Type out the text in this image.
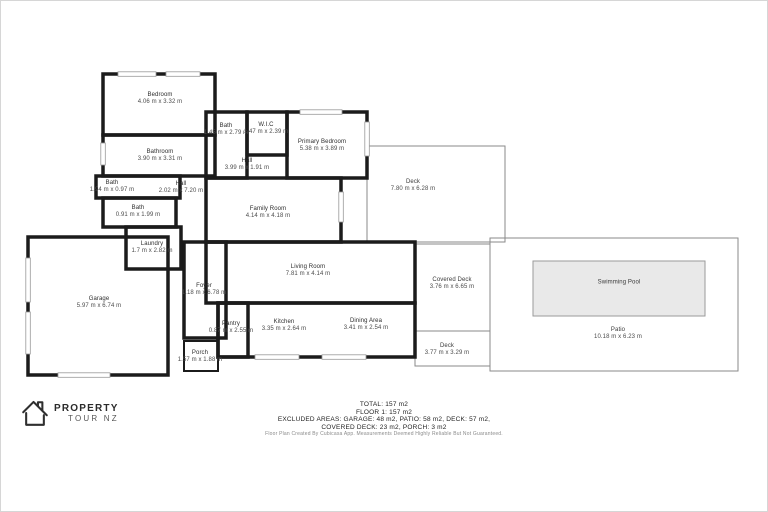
Bedroom
4.06 m x 3.32 m
Bathroom
3.90 m x 3.31 m
Bath
1.94 m x 0.97 m
Hall
2.02 m x 7.20 m
Bath
0.91 m x 1.99 m
Laundry
1.7 m x 2.82 m
Garage
5.97 m x 6.74 m
Bath
1.45 m x 2.79 m
W.I.C
1.47 m x 2.39 m
Hall
3.99 m x 1.91 m
Primary Bedroom
5.38 m x 3.89 m
Family Room
4.14 m x 4.18 m
Living Room
7.81 m x 4.14 m
Foyer
1.18 m x 6.78 m
Pantry
0.87 m x 2.55 m
Kitchen
3.35 m x 2.64 m
Dining Area
3.41 m x 2.54 m
Porch
1.57 m x 1.88 m
Deck
7.80 m x 6.28 m
Covered Deck
3.76 m x 6.65 m
Deck
3.77 m x 3.29 m
Patio
10.18 m x 6.23 m
Swimming Pool
TOTAL: 157 m2
FLOOR 1: 157 m2
EXCLUDED AREAS: GARAGE: 48 m2, PATIO: 58 m2, DECK: 57 m2,
COVERED DECK: 23 m2, PORCH: 3 m2
Floor Plan Created By Cubicasa App. Measurements Deemed Highly Reliable But Not Guaranteed.
PROPERTY
TOUR NZ
